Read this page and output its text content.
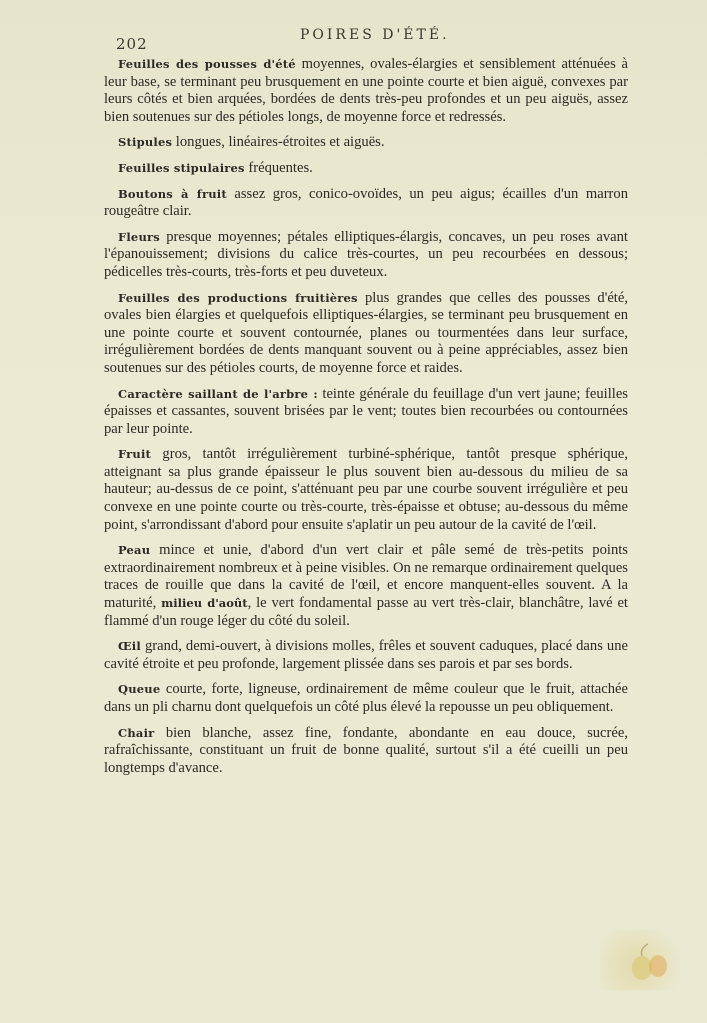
202	POIRES D'ÉTÉ.

Feuilles des pousses d'été moyennes, ovales-élargies et sensiblement atténuées à leur base, se terminant peu brusquement en une pointe courte et bien aiguë, convexes par leurs côtés et bien arquées, bordées de dents très-peu profondes et un peu aiguës, assez bien soutenues sur des pétioles longs, de moyenne force et redressés.

Stipules longues, linéaires-étroites et aiguës.

Feuilles stipulaires fréquentes.

Boutons à fruit assez gros, conico-ovoïdes, un peu aigus; écailles d'un marron rougeâtre clair.

Fleurs presque moyennes; pétales elliptiques-élargis, concaves, un peu roses avant l'épanouissement; divisions du calice très-courtes, un peu recourbées en dessous; pédicelles très-courts, très-forts et peu duveteux.

Feuilles des productions fruitières plus grandes que celles des pousses d'été, ovales bien élargies et quelquefois elliptiques-élargies, se terminant peu brusquement en une pointe courte et souvent contournée, planes ou tourmentées dans leur surface, irrégulièrement bordées de dents manquant souvent ou à peine appréciables, assez bien soutenues sur des pétioles courts, de moyenne force et raides.

Caractère saillant de l'arbre : teinte générale du feuillage d'un vert jaune; feuilles épaisses et cassantes, souvent brisées par le vent; toutes bien recourbées ou contournées par leur pointe.

Fruit gros, tantôt irrégulièrement turbiné-sphérique, tantôt presque sphérique, atteignant sa plus grande épaisseur le plus souvent bien au-dessous du milieu de sa hauteur; au-dessus de ce point, s'atténuant peu par une courbe souvent irrégulière et peu convexe en une pointe courte ou très-courte, très-épaisse et obtuse; au-dessous du même point, s'arrondissant d'abord pour ensuite s'aplatir un peu autour de la cavité de l'œil.

Peau mince et unie, d'abord d'un vert clair et pâle semé de très-petits points extraordinairement nombreux et à peine visibles. On ne remarque ordinairement quelques traces de rouille que dans la cavité de l'œil, et encore manquent-elles souvent. A la maturité, milieu d'août, le vert fondamental passe au vert très-clair, blanchâtre, lavé et flammé d'un rouge léger du côté du soleil.

Œil grand, demi-ouvert, à divisions molles, frêles et souvent caduques, placé dans une cavité étroite et peu profonde, largement plissée dans ses parois et par ses bords.

Queue courte, forte, ligneuse, ordinairement de même couleur que le fruit, attachée dans un pli charnu dont quelquefois un côté plus élevé la repousse un peu obliquement.

Chair bien blanche, assez fine, fondante, abondante en eau douce, sucrée, rafraîchissante, constituant un fruit de bonne qualité, surtout s'il a été cueilli un peu longtemps d'avance.
